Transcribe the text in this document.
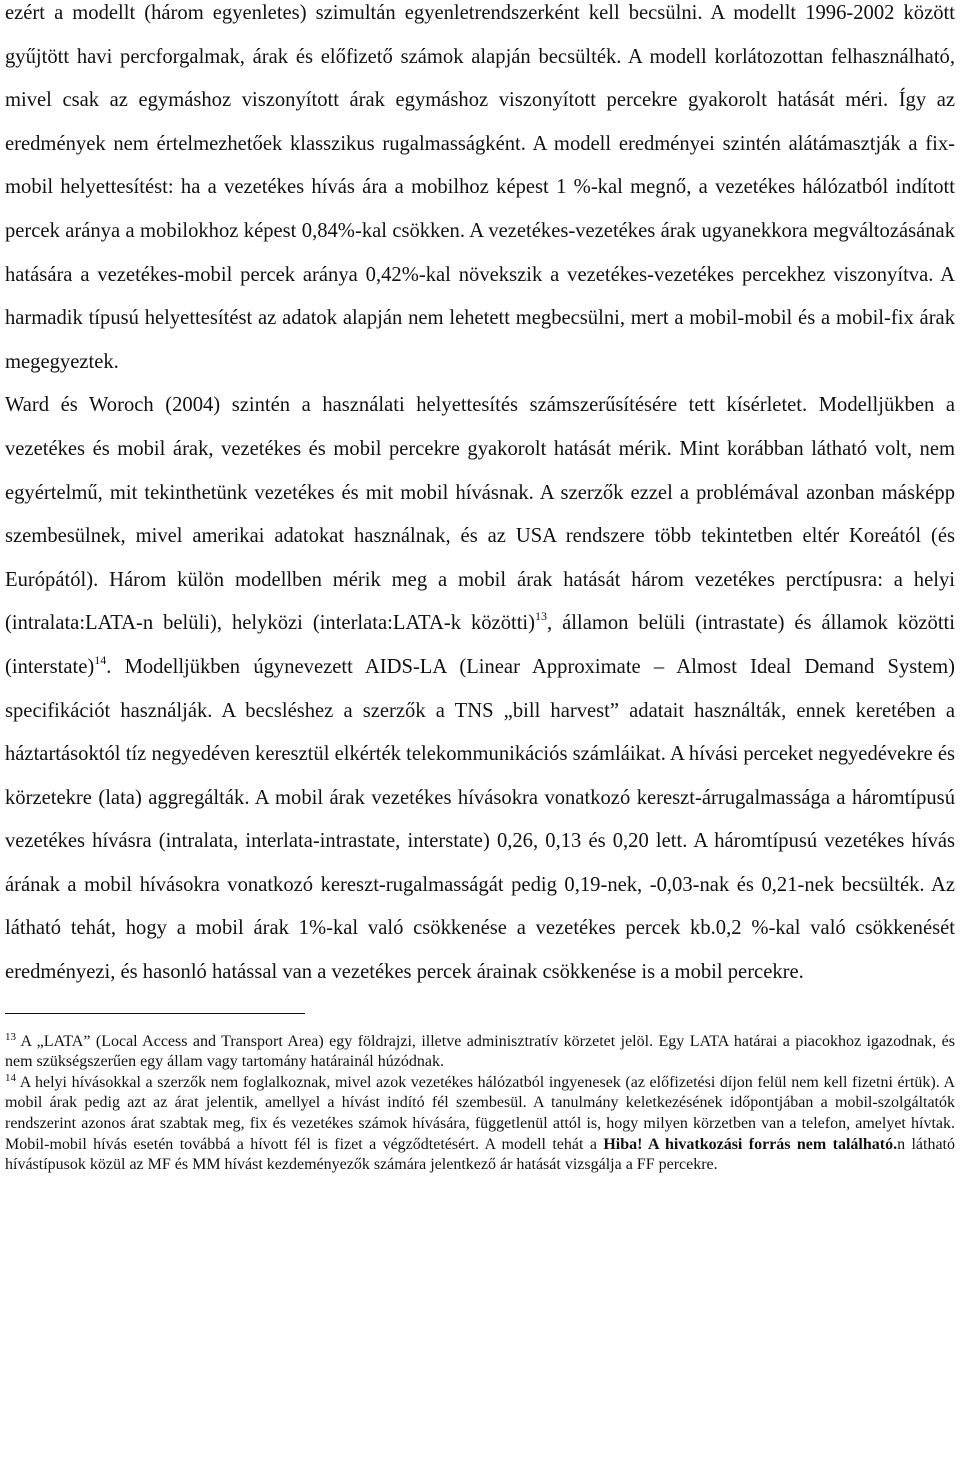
ezért a modellt (három egyenletes) szimultán egyenletrendszerként kell becsülni. A modellt 1996-2002 között gyűjtött havi percforgalmak, árak és előfizető számok alapján becsülték. A modell korlátozottan felhasználható, mivel csak az egymáshoz viszonyított árak egymáshoz viszonyított percekre gyakorolt hatását méri. Így az eredmények nem értelmezhetőek klasszikus rugalmasságként. A modell eredményei szintén alátámasztják a fix-mobil helyettesítést: ha a vezetékes hívás ára a mobilhoz képest 1 %-kal megnő, a vezetékes hálózatból indított percek aránya a mobilokhoz képest 0,84%-kal csökken. A vezetékes-vezetékes árak ugyanekkora megváltozásának hatására a vezetékes-mobil percek aránya 0,42%-kal növekszik a vezetékes-vezetékes percekhez viszonyítva. A harmadik típusú helyettesítést az adatok alapján nem lehetett megbecsülni, mert a mobil-mobil és a mobil-fix árak megegyeztek.

Ward és Woroch (2004) szintén a használati helyettesítés számszerűsítésére tett kísérletet. Modelljükben a vezetékes és mobil árak, vezetékes és mobil percekre gyakorolt hatását mérik. Mint korábban látható volt, nem egyértelmű, mit tekinthetünk vezetékes és mit mobil hívásnak. A szerzők ezzel a problémával azonban másképp szembesülnek, mivel amerikai adatokat használnak, és az USA rendszere több tekintetben eltér Koreától (és Európától). Három külön modellben mérik meg a mobil árak hatását három vezetékes perctípusra: a helyi (intralata:LATA-n belüli), helyközi (interlata:LATA-k közötti)$^{13}$, államon belüli (intrastate) és államok közötti (interstate)$^{14}$. Modelljükben úgynevezett AIDS-LA (Linear Approximate – Almost Ideal Demand System) specifikációt használják. A becsléshez a szerzők a TNS „bill harvest” adatait használták, ennek keretében a háztartásoktól tíz negyedéven keresztül elkérték telekommunikációs számláikat. A hívási perceket negyedévekre és körzetekre (lata) aggregálták. A mobil árak vezetékes hívásokra vonatkozó kereszt-árrugalmassága a háromtípusú vezetékes hívásra (intralata, interlata-intrastate, interstate) 0,26, 0,13 és 0,20 lett. A háromtípusú vezetékes hívás árának a mobil hívásokra vonatkozó kereszt-rugalmasságát pedig 0,19-nek, -0,03-nak és 0,21-nek becsülték. Az látható tehát, hogy a mobil árak 1%-kal való csökkenése a vezetékes percek kb.0,2 %-kal való csökkenését eredményezi, és hasonló hatással van a vezetékes percek árainak csökkenése is a mobil percekre.

$^{13}$ A „LATA” (Local Access and Transport Area) egy földrajzi, illetve adminisztratív körzetet jelöl. Egy LATA határai a piacokhoz igazodnak, és nem szükségszerűen egy állam vagy tartomány határainál húzódnak.

$^{14}$ A helyi hívásokkal a szerzők nem foglalkoznak, mivel azok vezetékes hálózatból ingyenesek (az előfizetési díjon felül nem kell fizetni értük). A mobil árak pedig azt az árat jelentik, amellyel a hívást indító fél szembesül. A tanulmány keletkezésének időpontjában a mobil-szolgáltatók rendszerint azonos árat szabtak meg, fix és vezetékes számok hívására, függetlenül attól is, hogy milyen körzetben van a telefon, amelyet hívtak. Mobil-mobil hívás esetén továbbá a hívott fél is fizet a végződtetésért. A modell tehát a Hiba! A hivatkozási forrás nem található.n látható hívástípusok közül az MF és MM hívást kezdeményezők számára jelentkező ár hatását vizsgálja a FF percekre.
